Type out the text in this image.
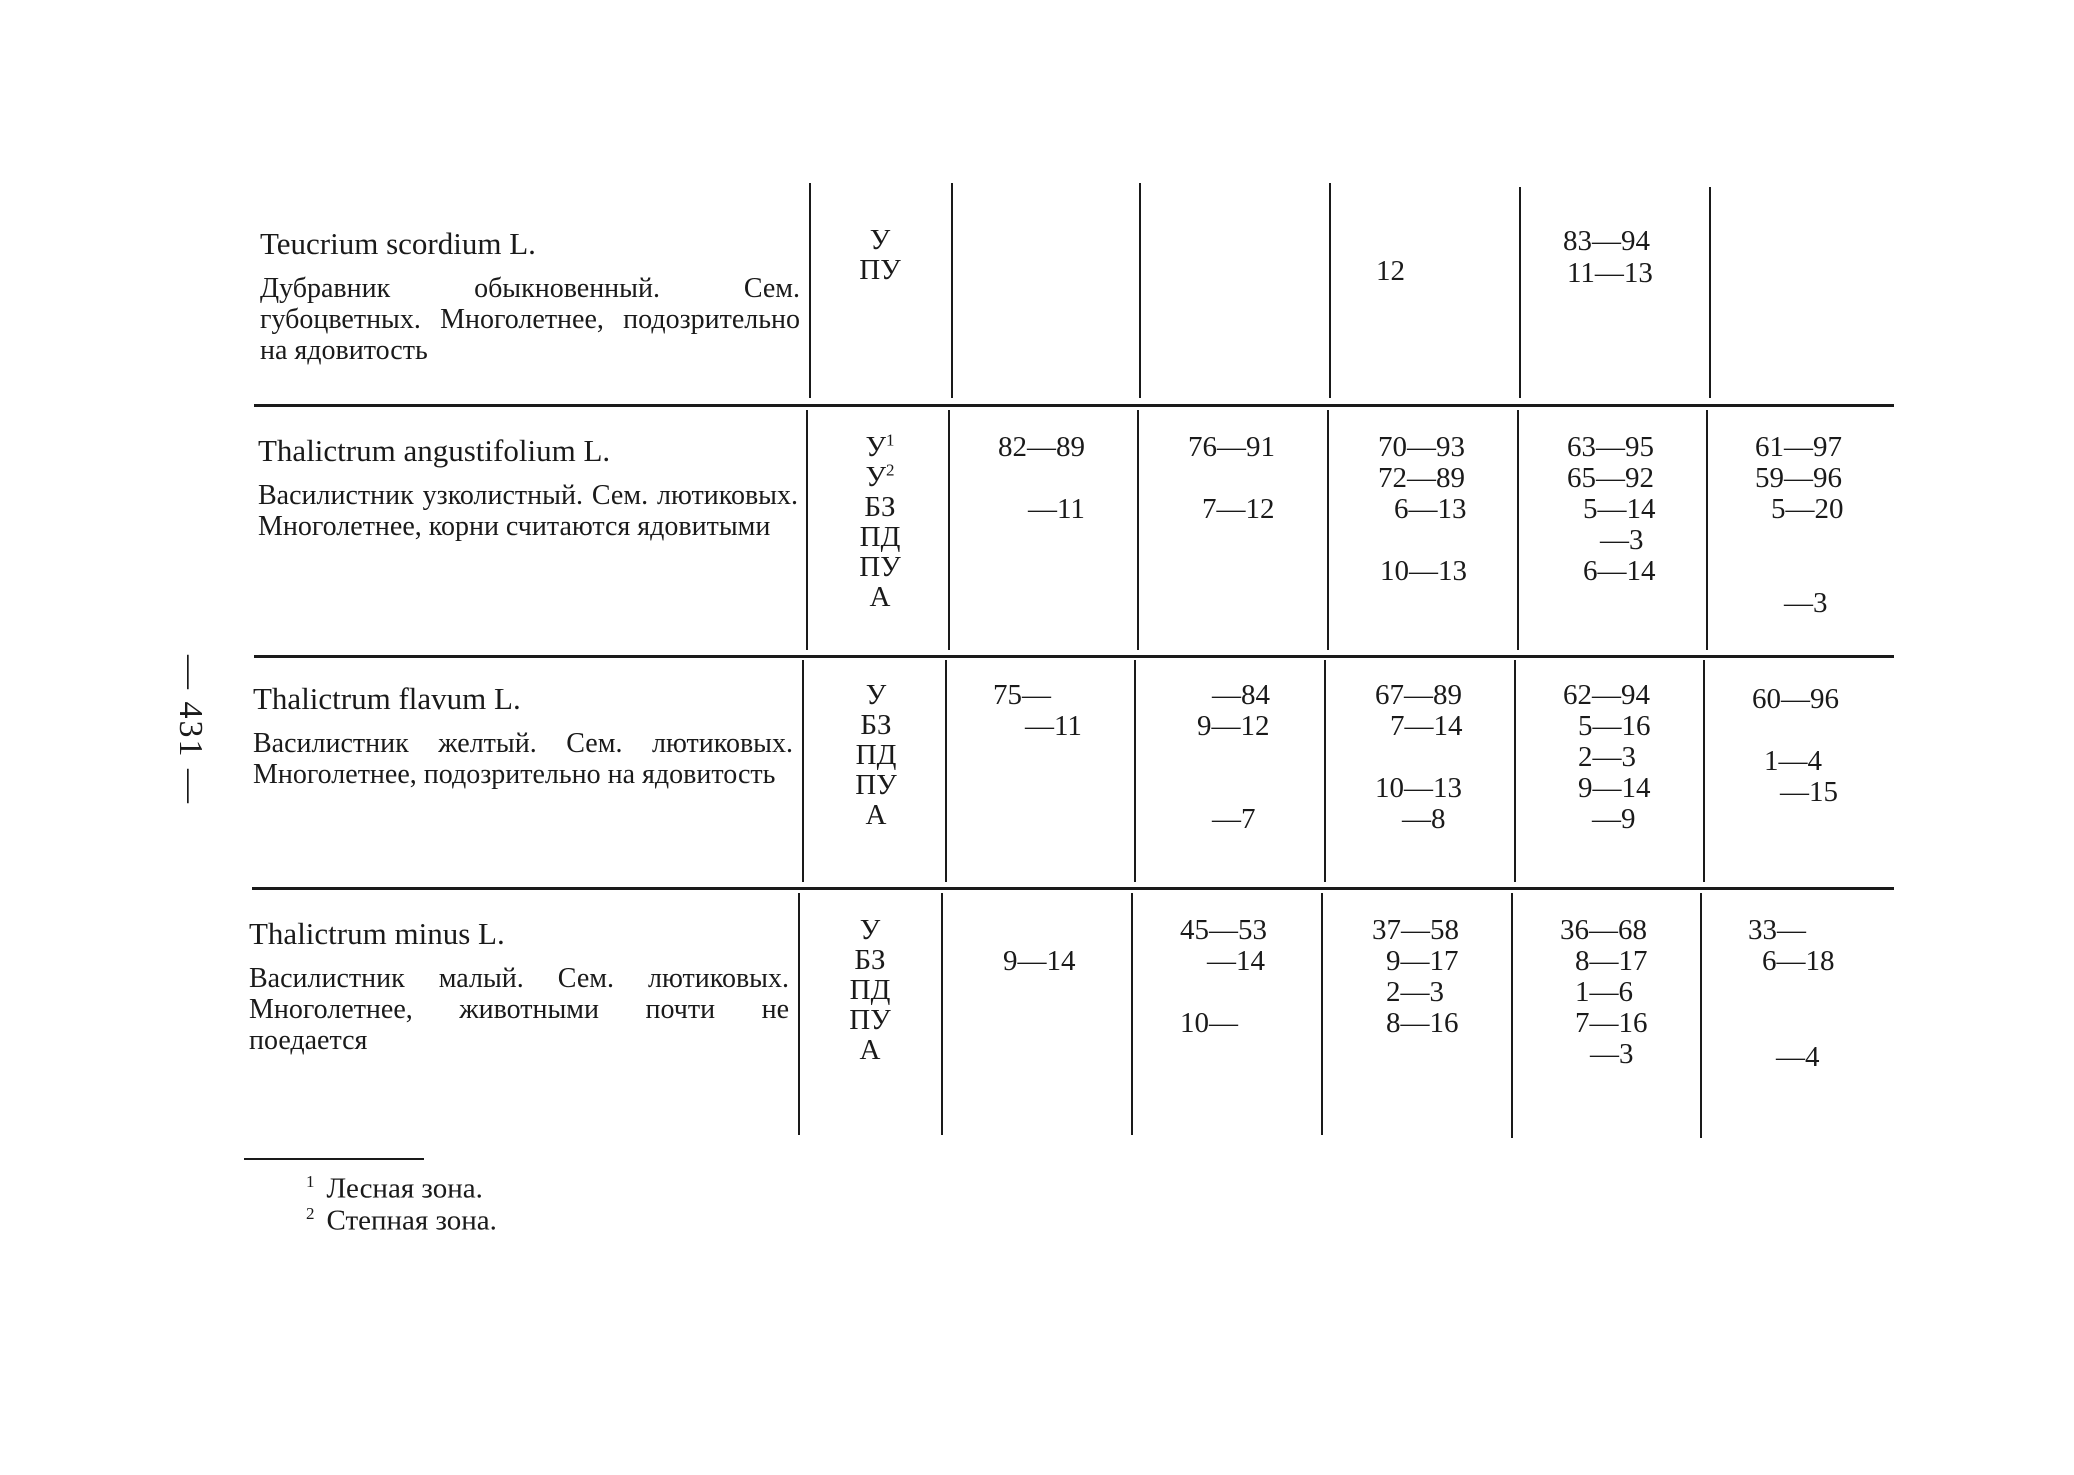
— 431 —
Teucrium scordium L.
Дубравник обыкновенный. Сем. губоцветных. Многолетнее, подозрительно на ядовитость
У
ПУ	12
83—94
11—13
Thalictrum angustifolium L.
Василистник узколистный. Сем. лютиковых. Многолетнее, корни считаются ядовитыми
$У^1$
$У^2$
БЗ
ПД
ПУ
А
82—89
—11
76—91
7—12
70—93
72—89
6—13
10—13
63—95
65—92
5—14
—3
6—14
61—97
59—96
5—20
—3
Thalictrum flavum L.
Василистник желтый. Сем. лютиковых. Многолетнее, подозрительно на ядовитость
У
БЗ
ПД
ПУ
А
75—
—11
—84
9—12
—7
67—89
7—14
10—13
—8
62—94
5—16
2—3
9—14
—9
60—96
1—4
—15
Thalictrum minus L.
Василистник малый. Сем. лютиковых. Многолетнее, животными почти не поедается
У
БЗ
ПД
ПУ
А
9—14
45—53
—14
10—
37—58
9—17
2—3
8—16
36—68
8—17
1—6
7—16
—3
33—
6—18
—4
$^1$ Лесная зона.
$^2$ Степная зона.
